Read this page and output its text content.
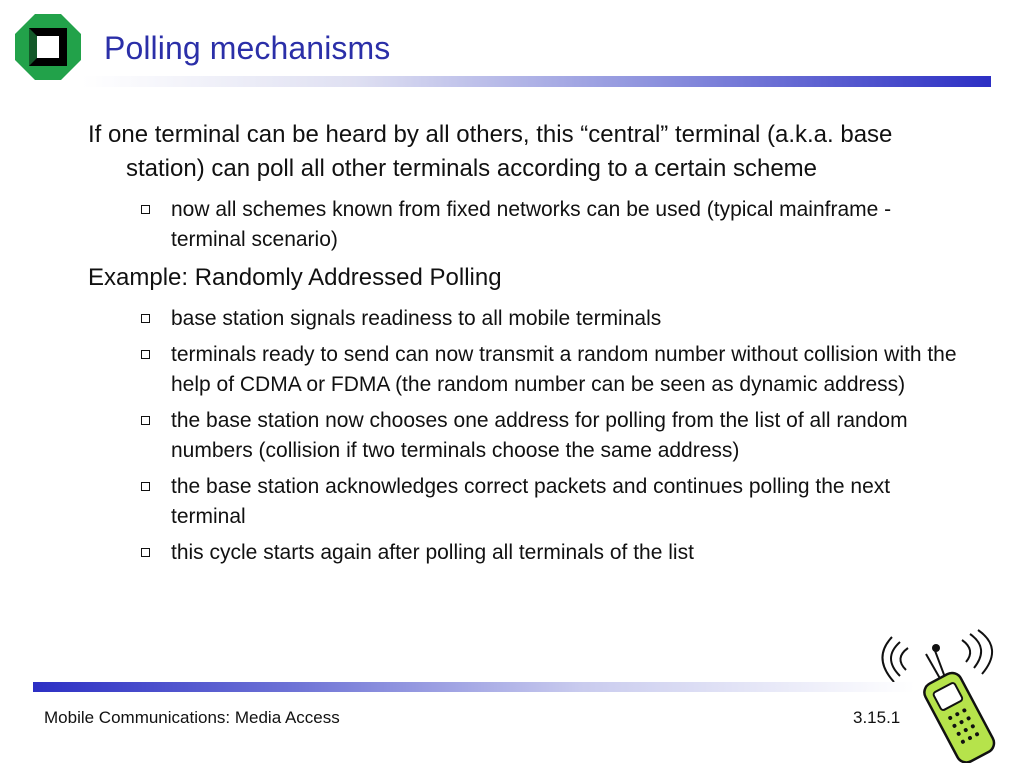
Polling mechanisms

If one terminal can be heard by all others, this “central” terminal (a.k.a. base station) can poll all other terminals according to a certain scheme

now all schemes known from fixed networks can be used (typical mainframe - terminal scenario)

Example: Randomly Addressed Polling

base station signals readiness to all mobile terminals
terminals ready to send can now transmit a random number without collision with the help of CDMA or FDMA (the random number can be seen as dynamic address)
the base station now chooses one address for polling from the list of all random numbers (collision if two terminals choose the same address)
the base station acknowledges correct packets and continues polling the next terminal
this cycle starts again after polling all terminals of the list
Mobile Communications: Media Access	3.15.1
